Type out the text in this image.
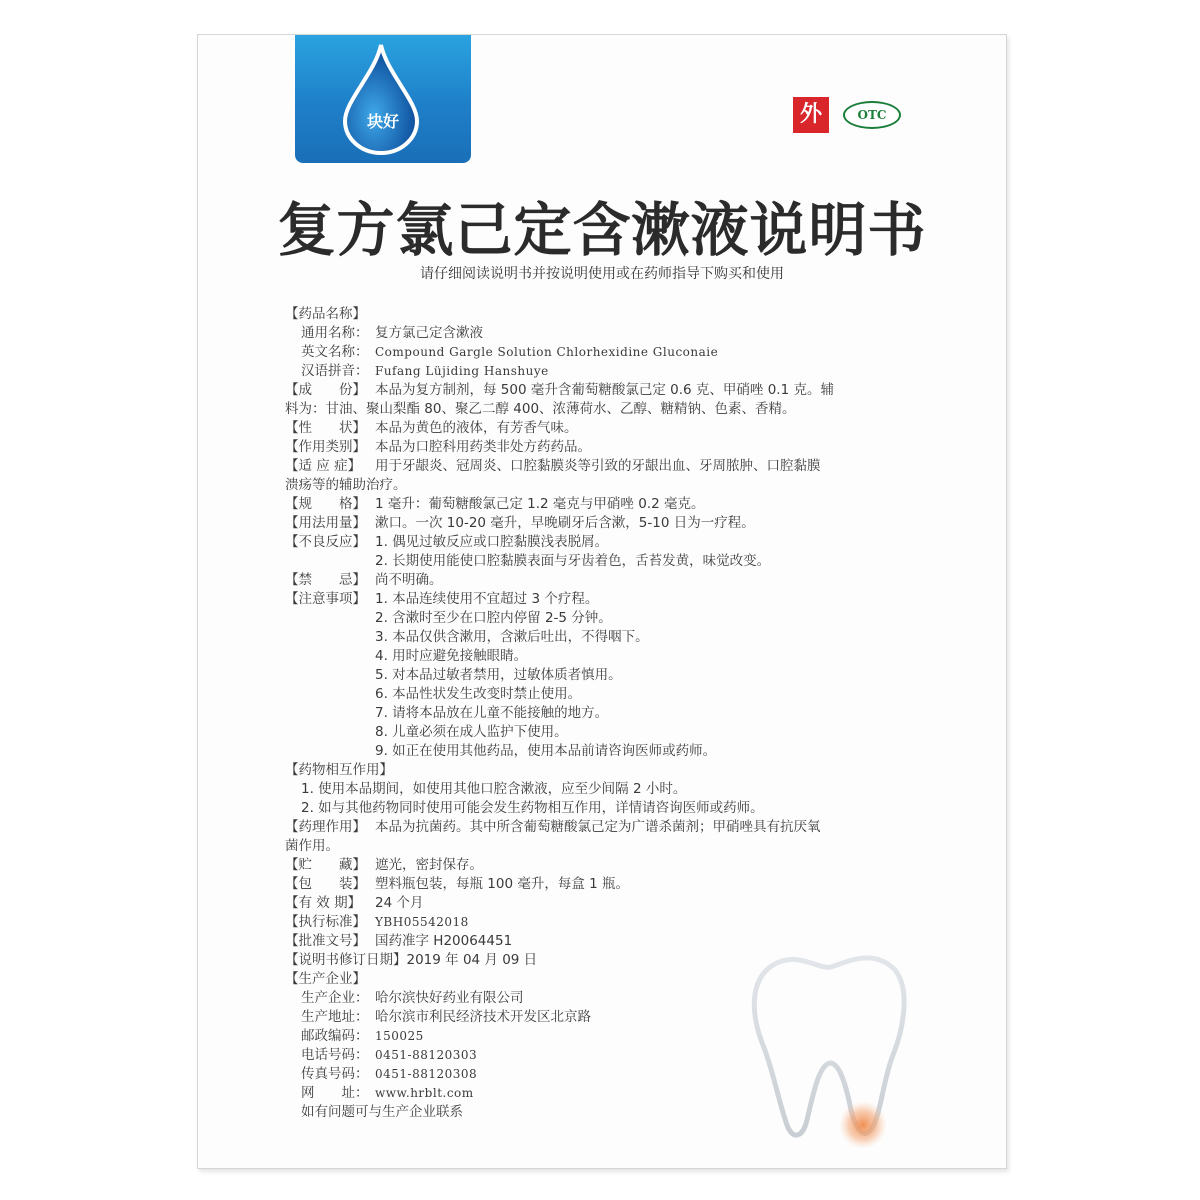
块好	外	OTC
复方氯己定含漱液说明书
请仔细阅读说明书并按说明使用或在药师指导下购买和使用
【药品名称】
通用名称： 复方氯己定含漱液
英文名称： Compound Gargle Solution Chlorhexidine Gluconaie
汉语拼音： Fufang Lüjiding Hanshuye
【成　　份】 本品为复方制剂，每 500 毫升含葡萄糖酸氯己定 0.6 克、甲硝唑 0.1 克。辅
料为：甘油、聚山梨酯 80、聚乙二醇 400、浓薄荷水、乙醇、糖精钠、色素、香精。
【性　　状】 本品为黄色的液体，有芳香气味。
【作用类别】 本品为口腔科用药类非处方药药品。
【适 应 症】	用于牙龈炎、冠周炎、口腔黏膜炎等引致的牙龈出血、牙周脓肿、口腔黏膜
溃疡等的辅助治疗。
【规　　格】 1 毫升：葡萄糖酸氯己定 1.2 毫克与甲硝唑 0.2 毫克。
【用法用量】 漱口。一次 10-20 毫升，早晚刷牙后含漱，5-10 日为一疗程。
【不良反应】 1. 偶见过敏反应或口腔黏膜浅表脱屑。
2. 长期使用能使口腔黏膜表面与牙齿着色，舌苔发黄，味觉改变。
【禁　　忌】 尚不明确。
【注意事项】 1. 本品连续使用不宜超过 3 个疗程。
2. 含漱时至少在口腔内停留 2-5 分钟。
3. 本品仅供含漱用，含漱后吐出，不得咽下。
4. 用时应避免接触眼睛。
5. 对本品过敏者禁用，过敏体质者慎用。
6. 本品性状发生改变时禁止使用。
7. 请将本品放在儿童不能接触的地方。
8. 儿童必须在成人监护下使用。
9. 如正在使用其他药品，使用本品前请咨询医师或药师。
【药物相互作用】
1. 使用本品期间，如使用其他口腔含漱液，应至少间隔 2 小时。
2. 如与其他药物同时使用可能会发生药物相互作用，详情请咨询医师或药师。
【药理作用】 本品为抗菌药。其中所含葡萄糖酸氯己定为广谱杀菌剂；甲硝唑具有抗厌氧
菌作用。
【贮　　藏】 遮光，密封保存。
【包　　装】 塑料瓶包装，每瓶 100 毫升，每盒 1 瓶。
【有 效 期】	24 个月
【执行标准】 YBH05542018
【批准文号】 国药准字 H20064451
【说明书修订日期】 2019 年 04 月 09 日
【生产企业】
生产企业： 哈尔滨快好药业有限公司
生产地址： 哈尔滨市利民经济技术开发区北京路
邮政编码： 150025
电话号码： 0451-88120303
传真号码： 0451-88120308
网　　址： www.hrblt.com
如有问题可与生产企业联系
